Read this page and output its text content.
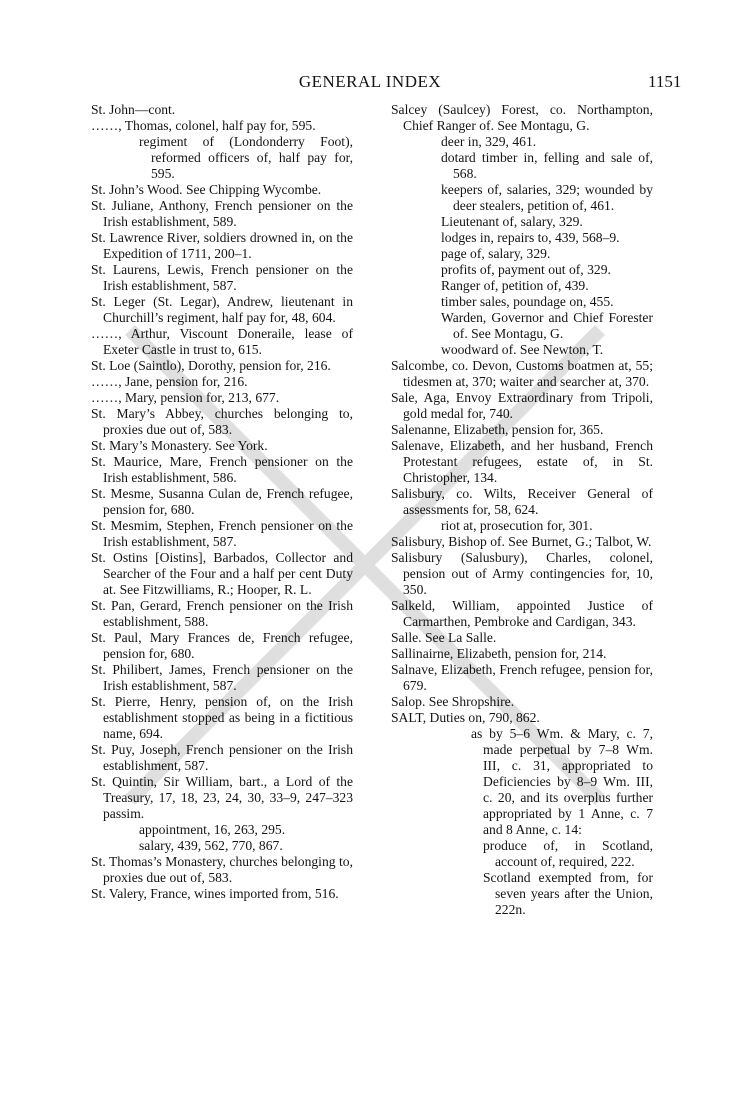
GENERAL INDEX	1151
St. John—cont.
……, Thomas, colonel, half pay for, 595.
regiment of (Londonderry Foot), reformed officers of, half pay for, 595.
St. John’s Wood. See Chipping Wycombe.
St. Juliane, Anthony, French pensioner on the Irish establishment, 589.
St. Lawrence River, soldiers drowned in, on the Expedition of 1711, 200–1.
St. Laurens, Lewis, French pensioner on the Irish establishment, 587.
St. Leger (St. Legar), Andrew, lieutenant in Churchill’s regiment, half pay for, 48, 604.
……, Arthur, Viscount Doneraile, lease of Exeter Castle in trust to, 615.
St. Loe (Saintlo), Dorothy, pension for, 216.
……, Jane, pension for, 216.
……, Mary, pension for, 213, 677.
St. Mary’s Abbey, churches belonging to, proxies due out of, 583.
St. Mary’s Monastery. See York.
St. Maurice, Mare, French pensioner on the Irish establishment, 586.
St. Mesme, Susanna Culan de, French refugee, pension for, 680.
St. Mesmim, Stephen, French pensioner on the Irish establishment, 587.
St. Ostins [Oistins], Barbados, Collector and Searcher of the Four and a half per cent Duty at. See Fitzwilliams, R.; Hooper, R. L.
St. Pan, Gerard, French pensioner on the Irish establishment, 588.
St. Paul, Mary Frances de, French refugee, pension for, 680.
St. Philibert, James, French pensioner on the Irish establishment, 587.
St. Pierre, Henry, pension of, on the Irish establishment stopped as being in a fictitious name, 694.
St. Puy, Joseph, French pensioner on the Irish establishment, 587.
St. Quintin, Sir William, bart., a Lord of the Treasury, 17, 18, 23, 24, 30, 33–9, 247–323 passim.
appointment, 16, 263, 295.
salary, 439, 562, 770, 867.
St. Thomas’s Monastery, churches belonging to, proxies due out of, 583.
St. Valery, France, wines imported from, 516.
Salcey (Saulcey) Forest, co. Northampton, Chief Ranger of. See Montagu, G.
deer in, 329, 461.
dotard timber in, felling and sale of, 568.
keepers of, salaries, 329; wounded by deer stealers, petition of, 461.
Lieutenant of, salary, 329.
lodges in, repairs to, 439, 568–9.
page of, salary, 329.
profits of, payment out of, 329.
Ranger of, petition of, 439.
timber sales, poundage on, 455.
Warden, Governor and Chief Forester of. See Montagu, G.
woodward of. See Newton, T.
Salcombe, co. Devon, Customs boatmen at, 55; tidesmen at, 370; waiter and searcher at, 370.
Sale, Aga, Envoy Extraordinary from Tripoli, gold medal for, 740.
Salenanne, Elizabeth, pension for, 365.
Salenave, Elizabeth, and her husband, French Protestant refugees, estate of, in St. Christopher, 134.
Salisbury, co. Wilts, Receiver General of assessments for, 58, 624.
riot at, prosecution for, 301.
Salisbury, Bishop of. See Burnet, G.; Talbot, W.
Salisbury (Salusbury), Charles, colonel, pension out of Army contingencies for, 10, 350.
Salkeld, William, appointed Justice of Carmarthen, Pembroke and Cardigan, 343.
Salle. See La Salle.
Sallinairne, Elizabeth, pension for, 214.
Salnave, Elizabeth, French refugee, pension for, 679.
Salop. See Shropshire.
SALT, Duties on, 790, 862.
as by 5–6 Wm. & Mary, c. 7, made perpetual by 7–8 Wm. III, c. 31, appropriated to Deficiencies by 8–9 Wm. III, c. 20, and its overplus further appropriated by 1 Anne, c. 7 and 8 Anne, c. 14:
produce of, in Scotland, account of, required, 222.
Scotland exempted from, for seven years after the Union, 222n.
